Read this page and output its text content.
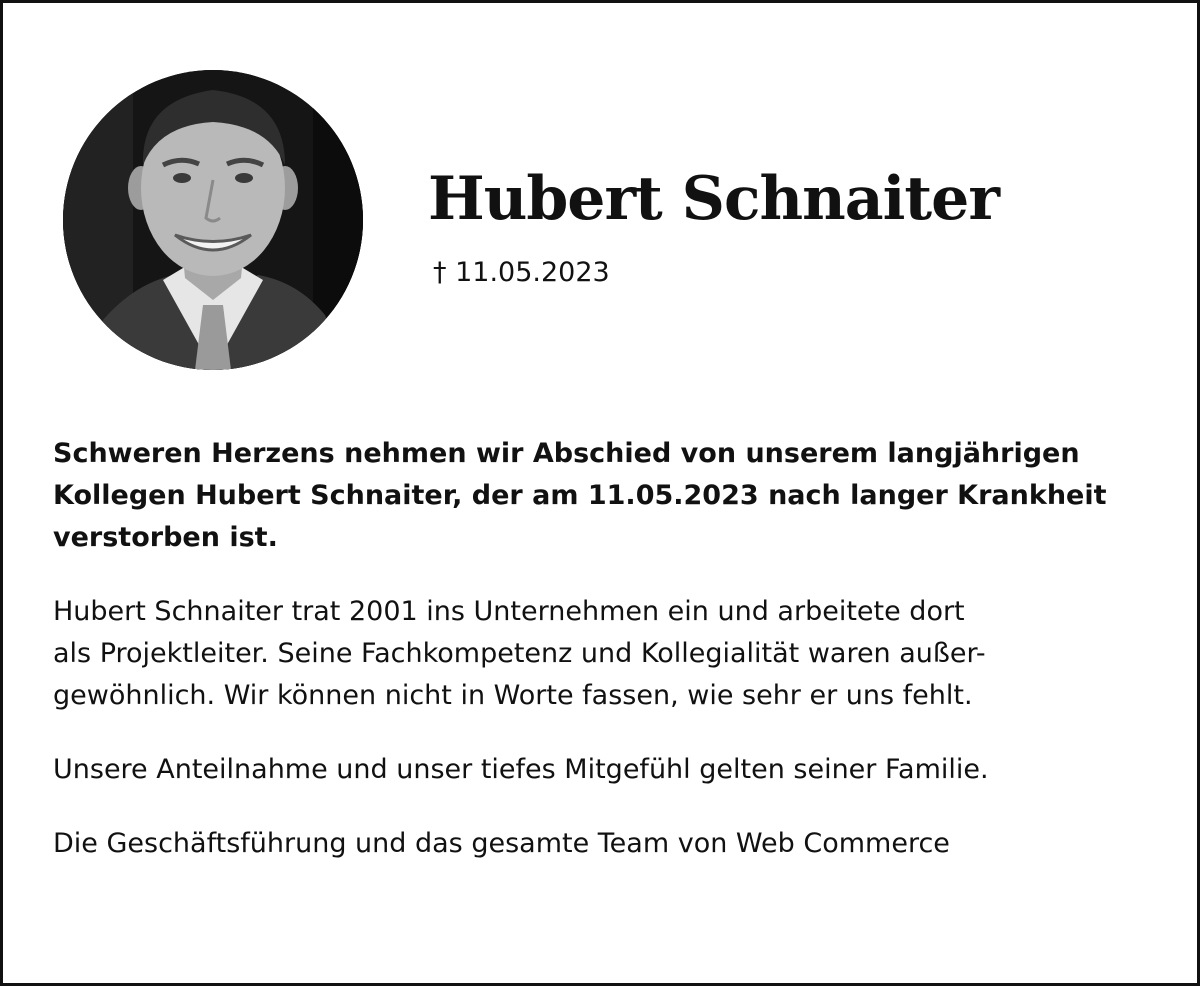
Hubert Schnaiter
† 11.05.2023

Schweren Herzens nehmen wir Abschied von unserem langjährigen
Kollegen Hubert Schnaiter, der am 11.05.2023 nach langer Krankheit
verstorben ist.

Hubert Schnaiter trat 2001 ins Unternehmen ein und arbeitete dort
als Projektleiter. Seine Fachkompetenz und Kollegialität waren außer-
gewöhnlich. Wir können nicht in Worte fassen, wie sehr er uns fehlt.

Unsere Anteilnahme und unser tiefes Mitgefühl gelten seiner Familie.

Die Geschäftsführung und das gesamte Team von Web Commerce
